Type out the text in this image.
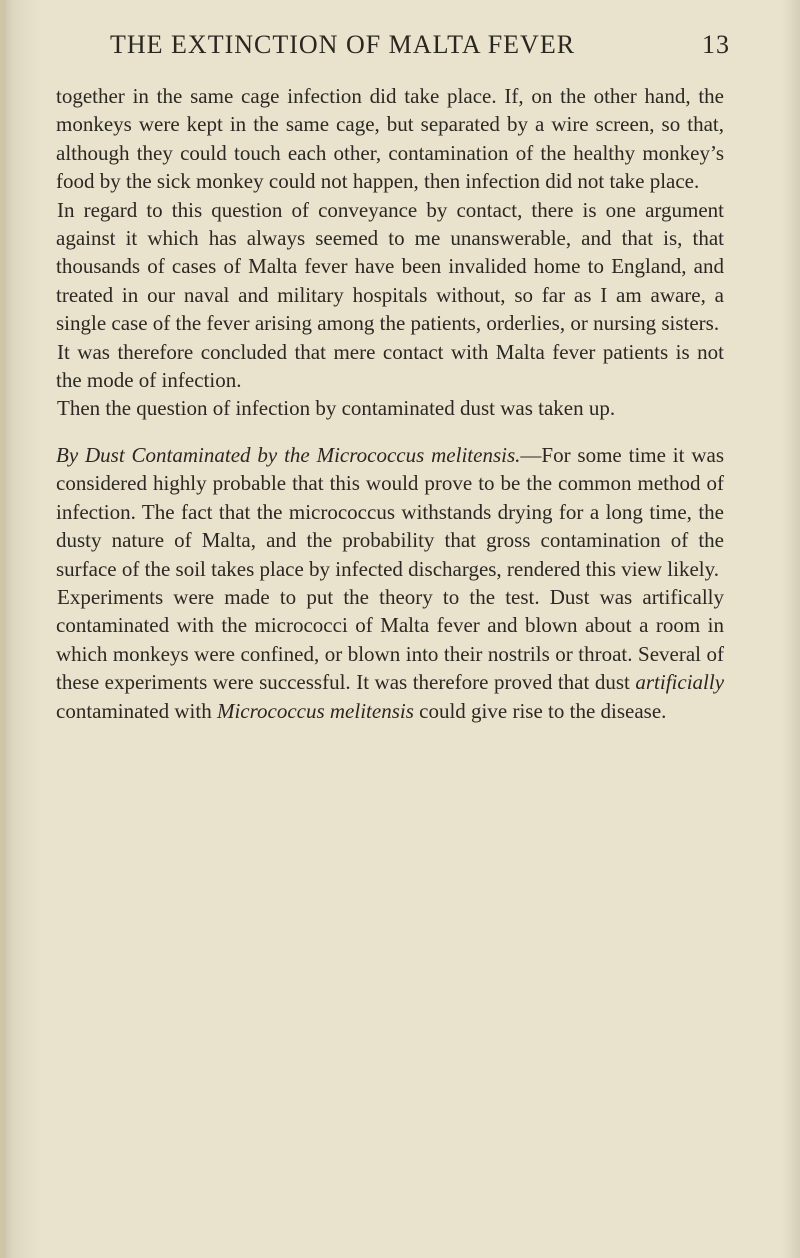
THE EXTINCTION OF MALTA FEVER	13

together in the same cage infection did take place. If, on the other hand, the monkeys were kept in the same cage, but separated by a wire screen, so that, although they could touch each other, contamination of the healthy monkey’s food by the sick monkey could not happen, then infection did not take place.

In regard to this question of conveyance by contact, there is one argument against it which has always seemed to me unanswerable, and that is, that thousands of cases of Malta fever have been invalided home to England, and treated in our naval and military hospitals without, so far as I am aware, a single case of the fever arising among the patients, orderlies, or nursing sisters.

It was therefore concluded that mere contact with Malta fever patients is not the mode of infection.

Then the question of infection by contaminated dust was taken up.

By Dust Contaminated by the Micrococcus melitensis.—For some time it was considered highly probable that this would prove to be the common method of infection. The fact that the micrococcus withstands drying for a long time, the dusty nature of Malta, and the probability that gross contamination of the surface of the soil takes place by infected discharges, rendered this view likely.

Experiments were made to put the theory to the test. Dust was artifically contaminated with the micrococci of Malta fever and blown about a room in which monkeys were confined, or blown into their nostrils or throat. Several of these experiments were successful. It was therefore proved that dust artificially contaminated with Micrococcus melitensis could give rise to the disease.
